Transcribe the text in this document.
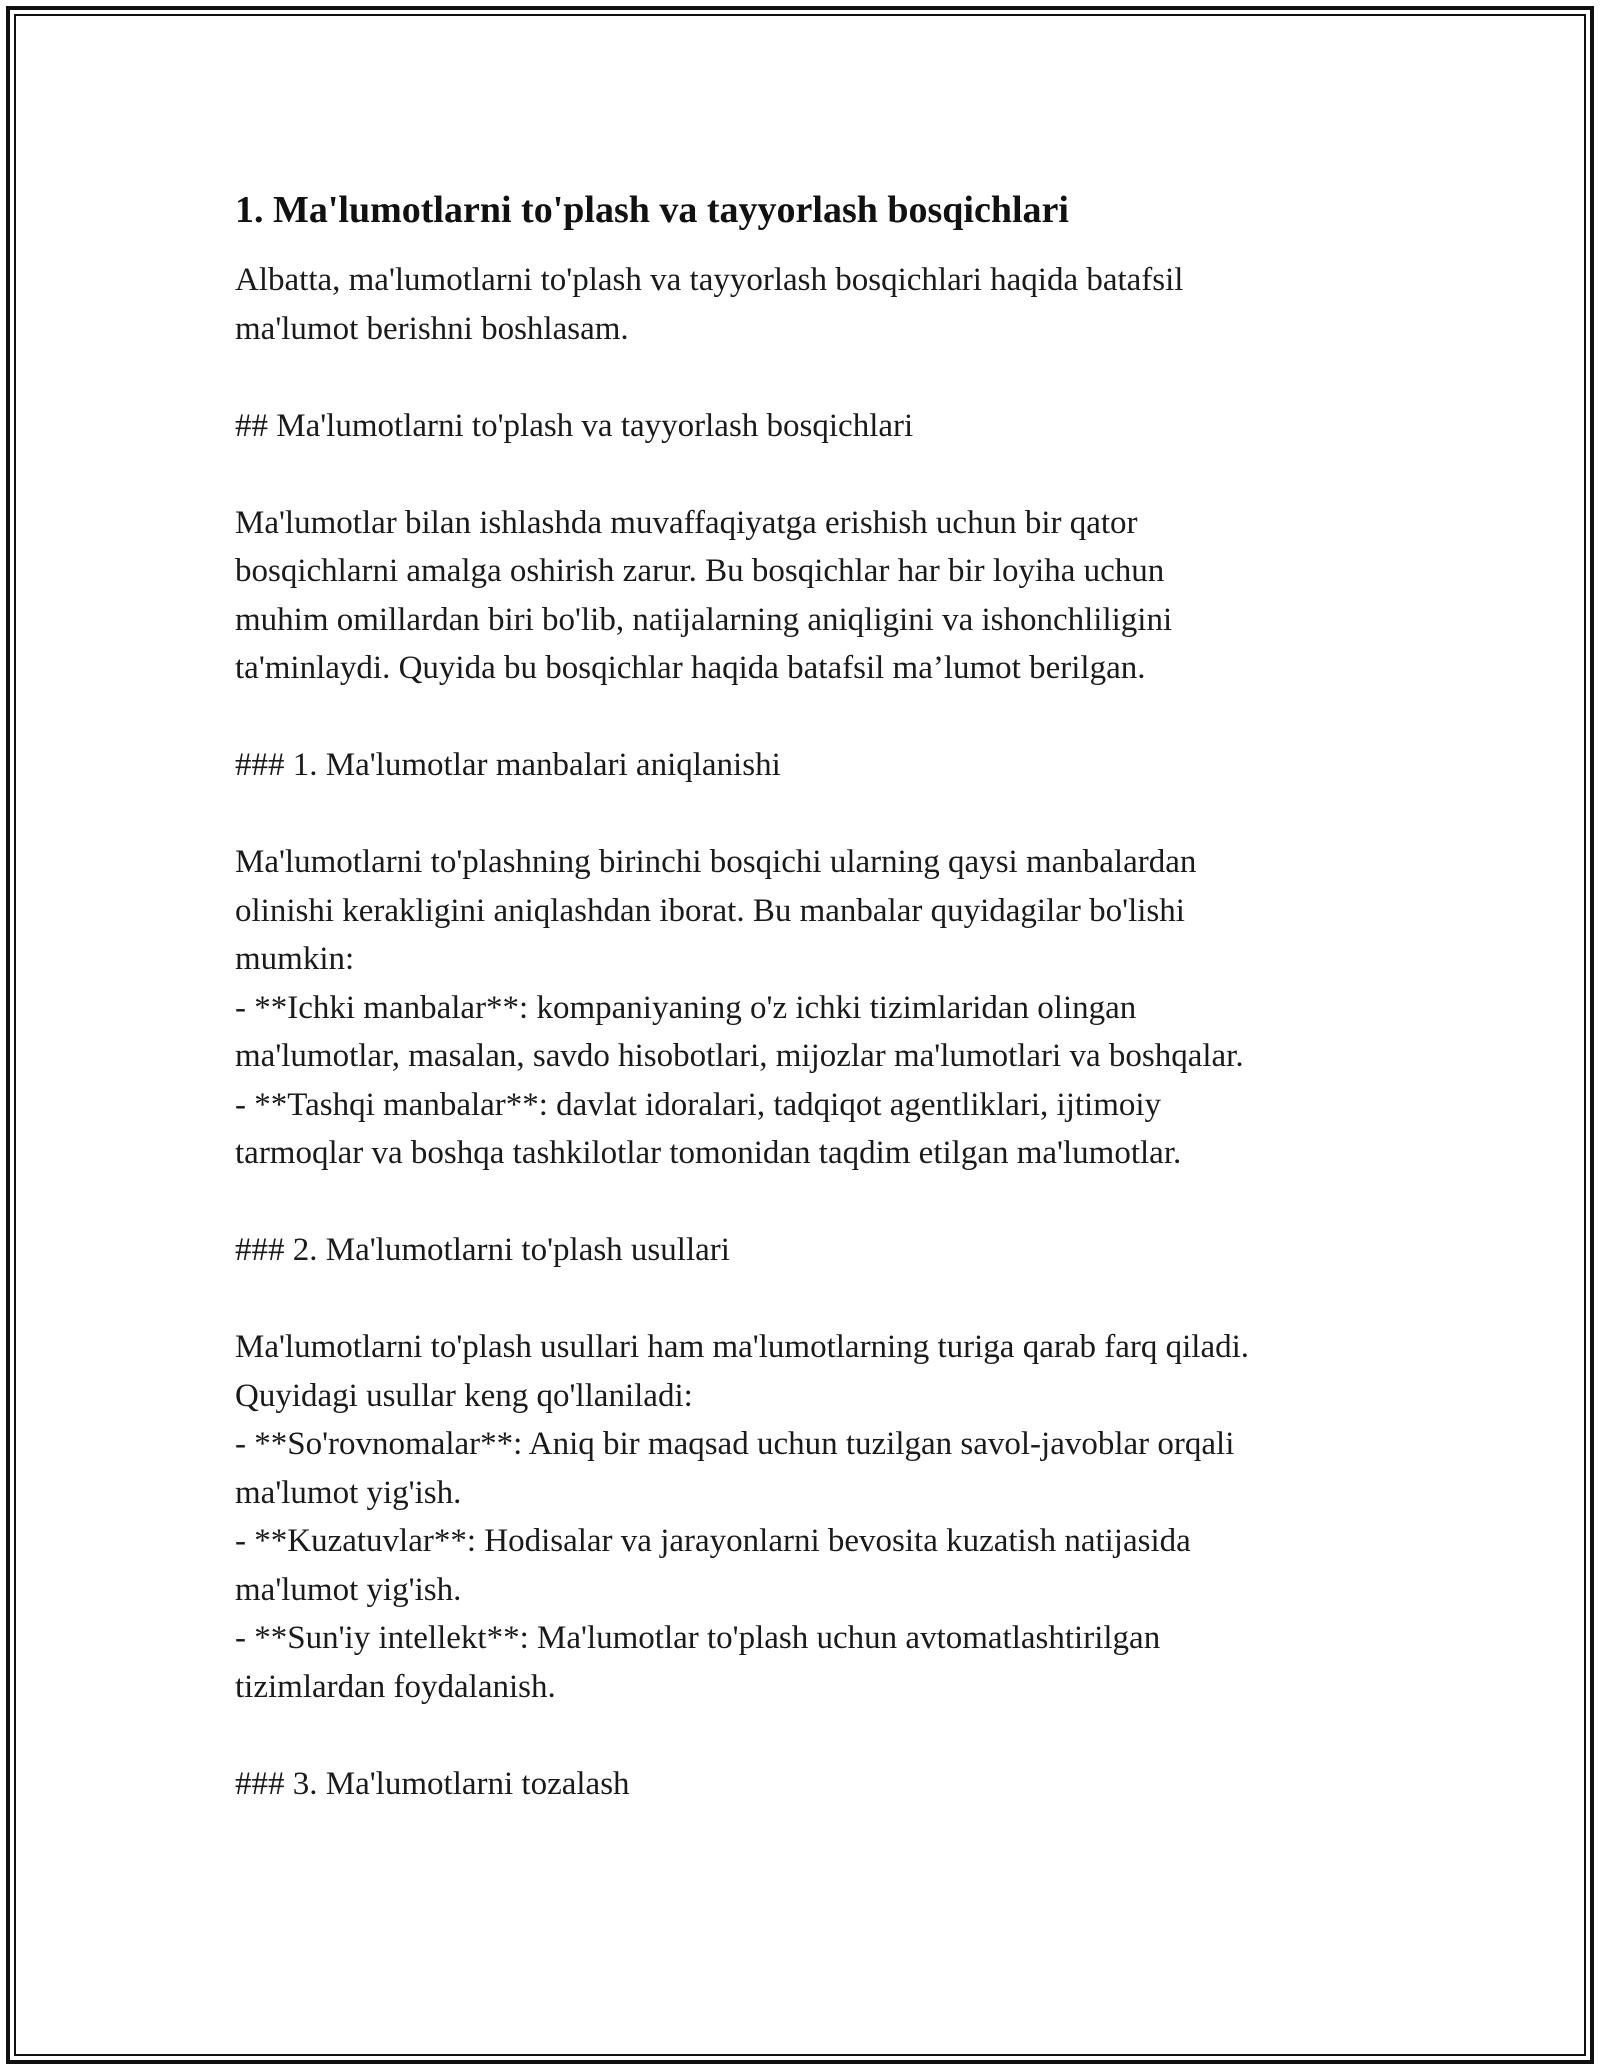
1. Ma'lumotlarni to'plash va tayyorlash bosqichlari

Albatta, ma'lumotlarni to'plash va tayyorlash bosqichlari haqida batafsil
ma'lumot berishni boshlasam.

## Ma'lumotlarni to'plash va tayyorlash bosqichlari

Ma'lumotlar bilan ishlashda muvaffaqiyatga erishish uchun bir qator
bosqichlarni amalga oshirish zarur. Bu bosqichlar har bir loyiha uchun
muhim omillardan biri bo'lib, natijalarning aniqligini va ishonchliligini
ta'minlaydi. Quyida bu bosqichlar haqida batafsil ma’lumot berilgan.

### 1. Ma'lumotlar manbalari aniqlanishi

Ma'lumotlarni to'plashning birinchi bosqichi ularning qaysi manbalardan
olinishi kerakligini aniqlashdan iborat. Bu manbalar quyidagilar bo'lishi
mumkin:
- **Ichki manbalar**: kompaniyaning o'z ichki tizimlaridan olingan
ma'lumotlar, masalan, savdo hisobotlari, mijozlar ma'lumotlari va boshqalar.
- **Tashqi manbalar**: davlat idoralari, tadqiqot agentliklari, ijtimoiy
tarmoqlar va boshqa tashkilotlar tomonidan taqdim etilgan ma'lumotlar.

### 2. Ma'lumotlarni to'plash usullari

Ma'lumotlarni to'plash usullari ham ma'lumotlarning turiga qarab farq qiladi.
Quyidagi usullar keng qo'llaniladi:
- **So'rovnomalar**: Aniq bir maqsad uchun tuzilgan savol-javoblar orqali
ma'lumot yig'ish.
- **Kuzatuvlar**: Hodisalar va jarayonlarni bevosita kuzatish natijasida
ma'lumot yig'ish.
- **Sun'iy intellekt**: Ma'lumotlar to'plash uchun avtomatlashtirilgan
tizimlardan foydalanish.

### 3. Ma'lumotlarni tozalash
